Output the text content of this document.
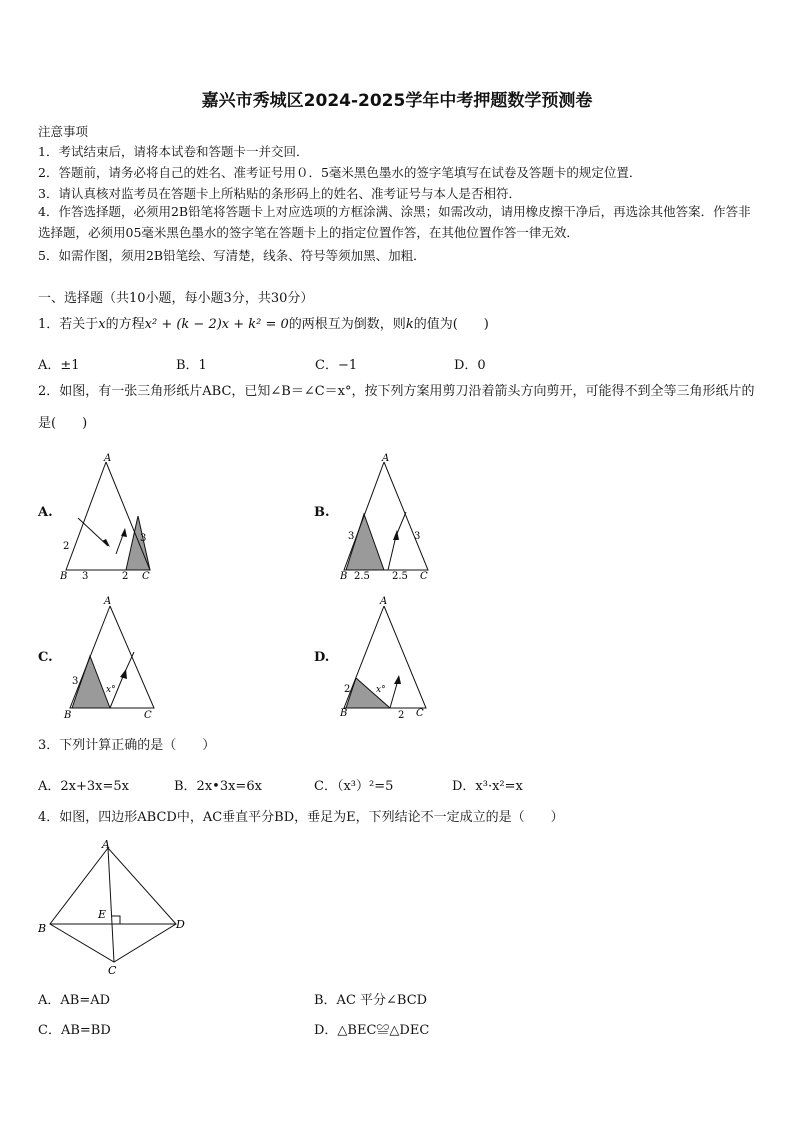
嘉兴市秀城区2024-2025学年中考押题数学预测卷
注意事项
1．考试结束后，请将本试卷和答题卡一并交回．
2．答题前，请务必将自己的姓名、准考证号用０．5毫米黑色墨水的签字笔填写在试卷及答题卡的规定位置．
3．请认真核对监考员在答题卡上所粘贴的条形码上的姓名、准考证号与本人是否相符．
4．作答选择题，必须用2B铅笔将答题卡上对应选项的方框涂满、涂黑；如需改动，请用橡皮擦干净后，再选涂其他答案．作答非选择题，必须用05毫米黑色墨水的签字笔在答题卡上的指定位置作答，在其他位置作答一律无效．
5．如需作图，须用2B铅笔绘、写清楚，线条、符号等须加黑、加粗．
一、选择题（共10小题，每小题3分，共30分）
1．若关于x的方程x² + (k − 2)x + k² = 0的两根互为倒数，则k的值为(　　)
A．±1	B．1	C．−1	D．0
2．如图，有一张三角形纸片ABC，已知∠B＝∠C＝x°，按下列方案用剪刀沿着箭头方向剪开，可能得不到全等三角形纸片的是(　　)
A.
A
B	C
2
3	2
3
B.
A
B	C
3
2.5 2.5
3
C.
A
B	C
3
x°
D.
A
B	C
2	x°
2
3．下列计算正确的是（　　）
A．2x+3x=5x	B．2x•3x=6x	C．（x³）²=5	D．x³·x²=x
4．如图，四边形ABCD中，AC垂直平分BD，垂足为E，下列结论不一定成立的是（　　）
A
B
C
D
E
A．AB=AD	B．AC 平分∠BCD
C．AB=BD	D．△BEC≌△DEC
